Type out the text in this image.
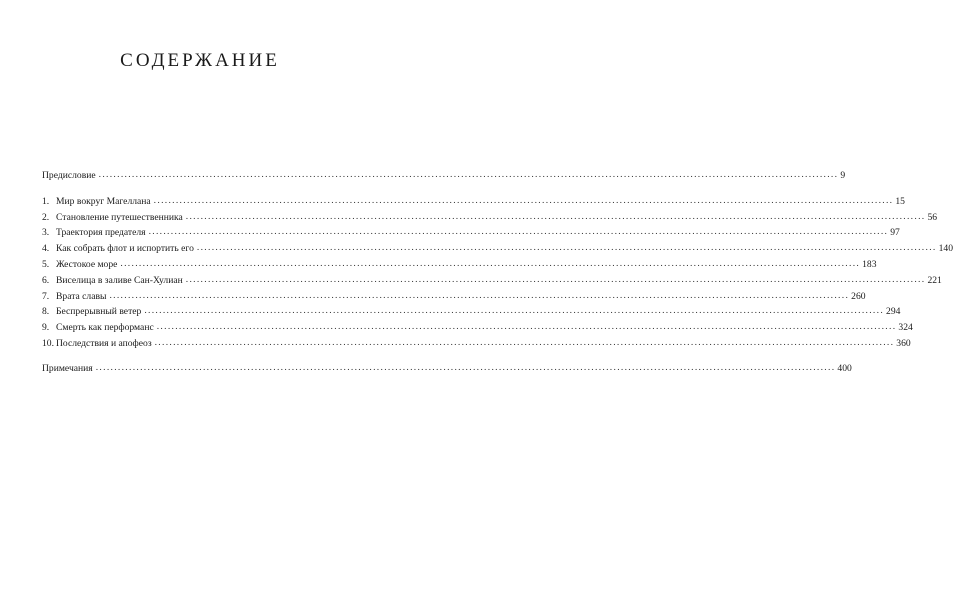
СОДЕРЖАНИЕ
Предисловие ........................................................................................................................................................................................................ 9
1. Мир вокруг Магеллана ........................................................................................................................................................................................................ 15
2. Становление путешественника ........................................................................................................................................................................................................ 56
3. Траектория предателя ........................................................................................................................................................................................................ 97
4. Как собрать флот и испортить его ........................................................................................................................................................................................................ 140
5. Жестокое море ........................................................................................................................................................................................................ 183
6. Виселица в заливе Сан-Хулиан ........................................................................................................................................................................................................ 221
7. Врата славы ........................................................................................................................................................................................................ 260
8. Беспрерывный ветер ........................................................................................................................................................................................................ 294
9. Смерть как перформанс ........................................................................................................................................................................................................ 324
10. Последствия и апофеоз ........................................................................................................................................................................................................ 360
Примечания ........................................................................................................................................................................................................ 400
